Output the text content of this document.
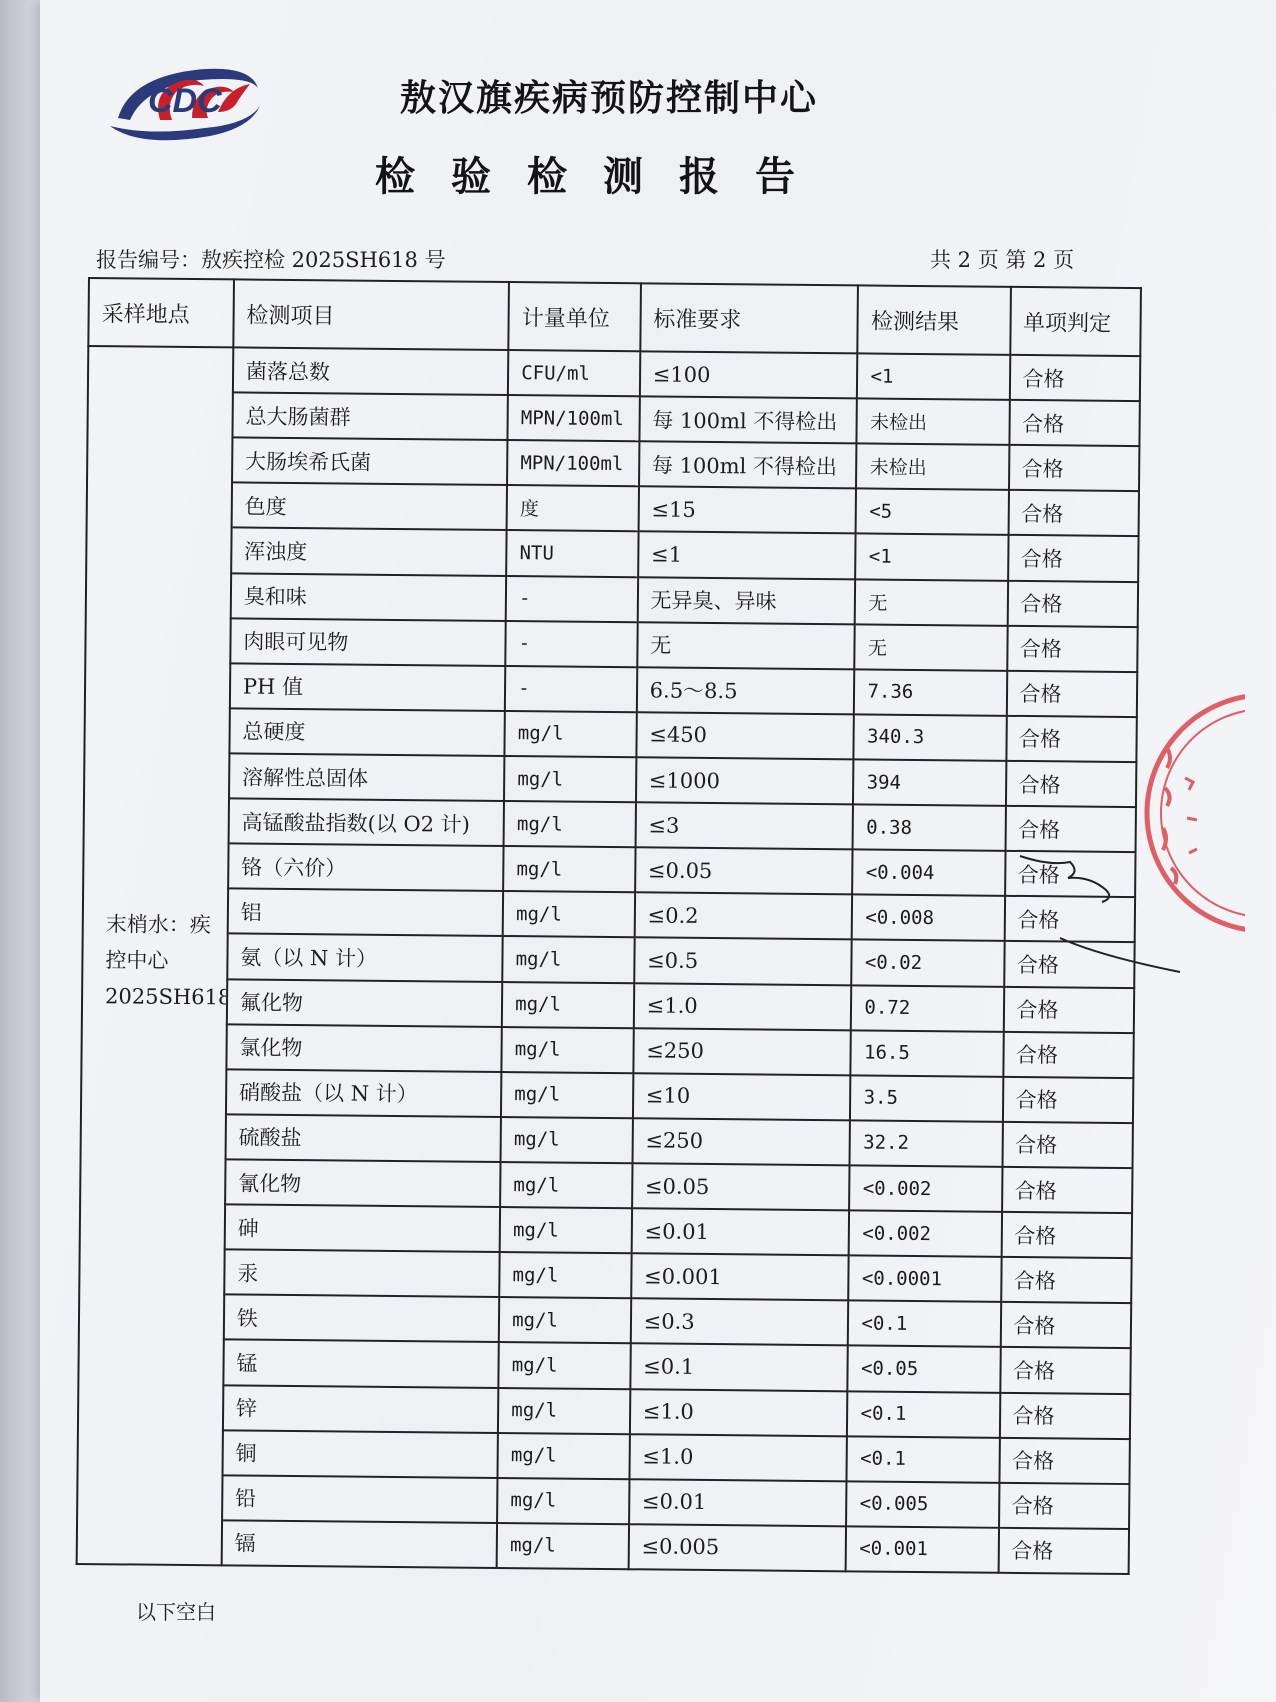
CDC	敖汉旗疾病预防控制中心
检验检测报告
报告编号：敖疾控检 2025SH618 号	共 2 页 第 2 页
采样地点	检测项目	计量单位	标准要求	检测结果	单项判定
末梢水：疾控中心 2025SH618	菌落总数	CFU/ml	≤100	<1	合格
	总大肠菌群	MPN/100ml	每 100ml 不得检出	未检出	合格
	大肠埃希氏菌	MPN/100ml	每 100ml 不得检出	未检出	合格
	色度	度	≤15	<5	合格
	浑浊度	NTU	≤1	<1	合格
	臭和味	-	无异臭、异味	无	合格
	肉眼可见物	-	无	无	合格
	PH 值	-	6.5～8.5	7.36	合格
	总硬度	mg/l	≤450	340.3	合格
	溶解性总固体	mg/l	≤1000	394	合格
	高锰酸盐指数(以 O2 计)	mg/l	≤3	0.38	合格
	铬（六价）	mg/l	≤0.05	<0.004	合格
	铝	mg/l	≤0.2	<0.008	合格
	氨（以 N 计）	mg/l	≤0.5	<0.02	合格
	氟化物	mg/l	≤1.0	0.72	合格
	氯化物	mg/l	≤250	16.5	合格
	硝酸盐（以 N 计）	mg/l	≤10	3.5	合格
	硫酸盐	mg/l	≤250	32.2	合格
	氰化物	mg/l	≤0.05	<0.002	合格
	砷	mg/l	≤0.01	<0.002	合格
	汞	mg/l	≤0.001	<0.0001	合格
	铁	mg/l	≤0.3	<0.1	合格
	锰	mg/l	≤0.1	<0.05	合格
	锌	mg/l	≤1.0	<0.1	合格
	铜	mg/l	≤1.0	<0.1	合格
	铅	mg/l	≤0.01	<0.005	合格
	镉	mg/l	≤0.005	<0.001	合格
以下空白
